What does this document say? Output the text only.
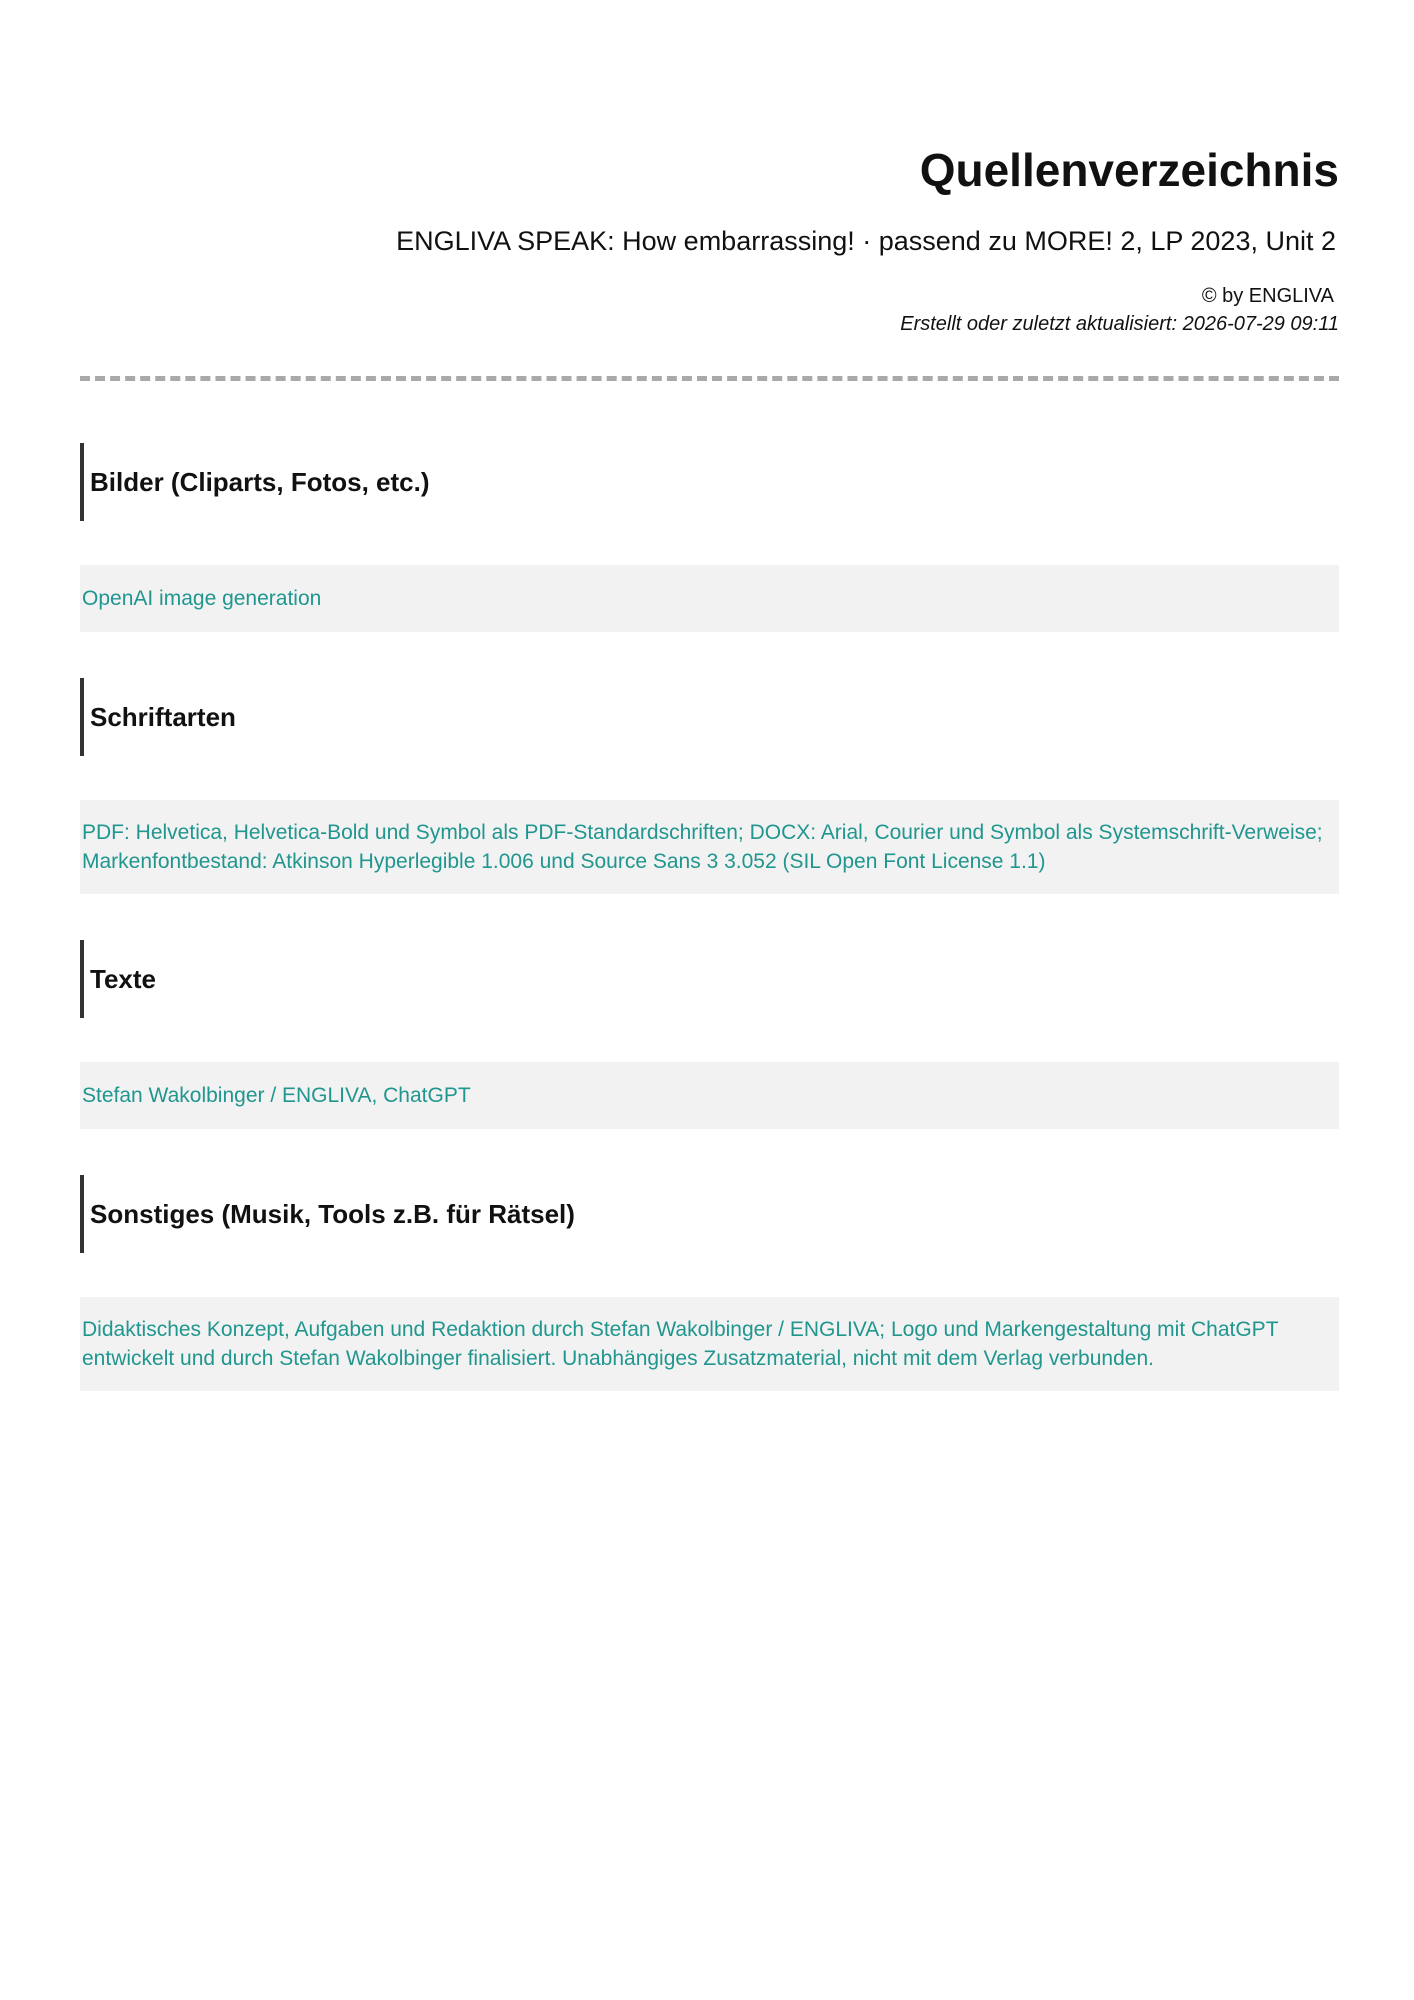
Quellenverzeichnis
ENGLIVA SPEAK: How embarrassing! · passend zu MORE! 2, LP 2023, Unit 2
© by ENGLIVA
Erstellt oder zuletzt aktualisiert: 2026-07-29 09:11
Bilder (Cliparts, Fotos, etc.)
OpenAI image generation
Schriftarten
PDF: Helvetica, Helvetica-Bold und Symbol als PDF-Standardschriften; DOCX: Arial, Courier und Symbol als Systemschrift-Verweise; Markenfontbestand: Atkinson Hyperlegible 1.006 und Source Sans 3 3.052 (SIL Open Font License 1.1)
Texte
Stefan Wakolbinger / ENGLIVA, ChatGPT
Sonstiges (Musik, Tools z.B. für Rätsel)
Didaktisches Konzept, Aufgaben und Redaktion durch Stefan Wakolbinger / ENGLIVA; Logo und Markengestaltung mit ChatGPT entwickelt und durch Stefan Wakolbinger finalisiert. Unabhängiges Zusatzmaterial, nicht mit dem Verlag verbunden.
